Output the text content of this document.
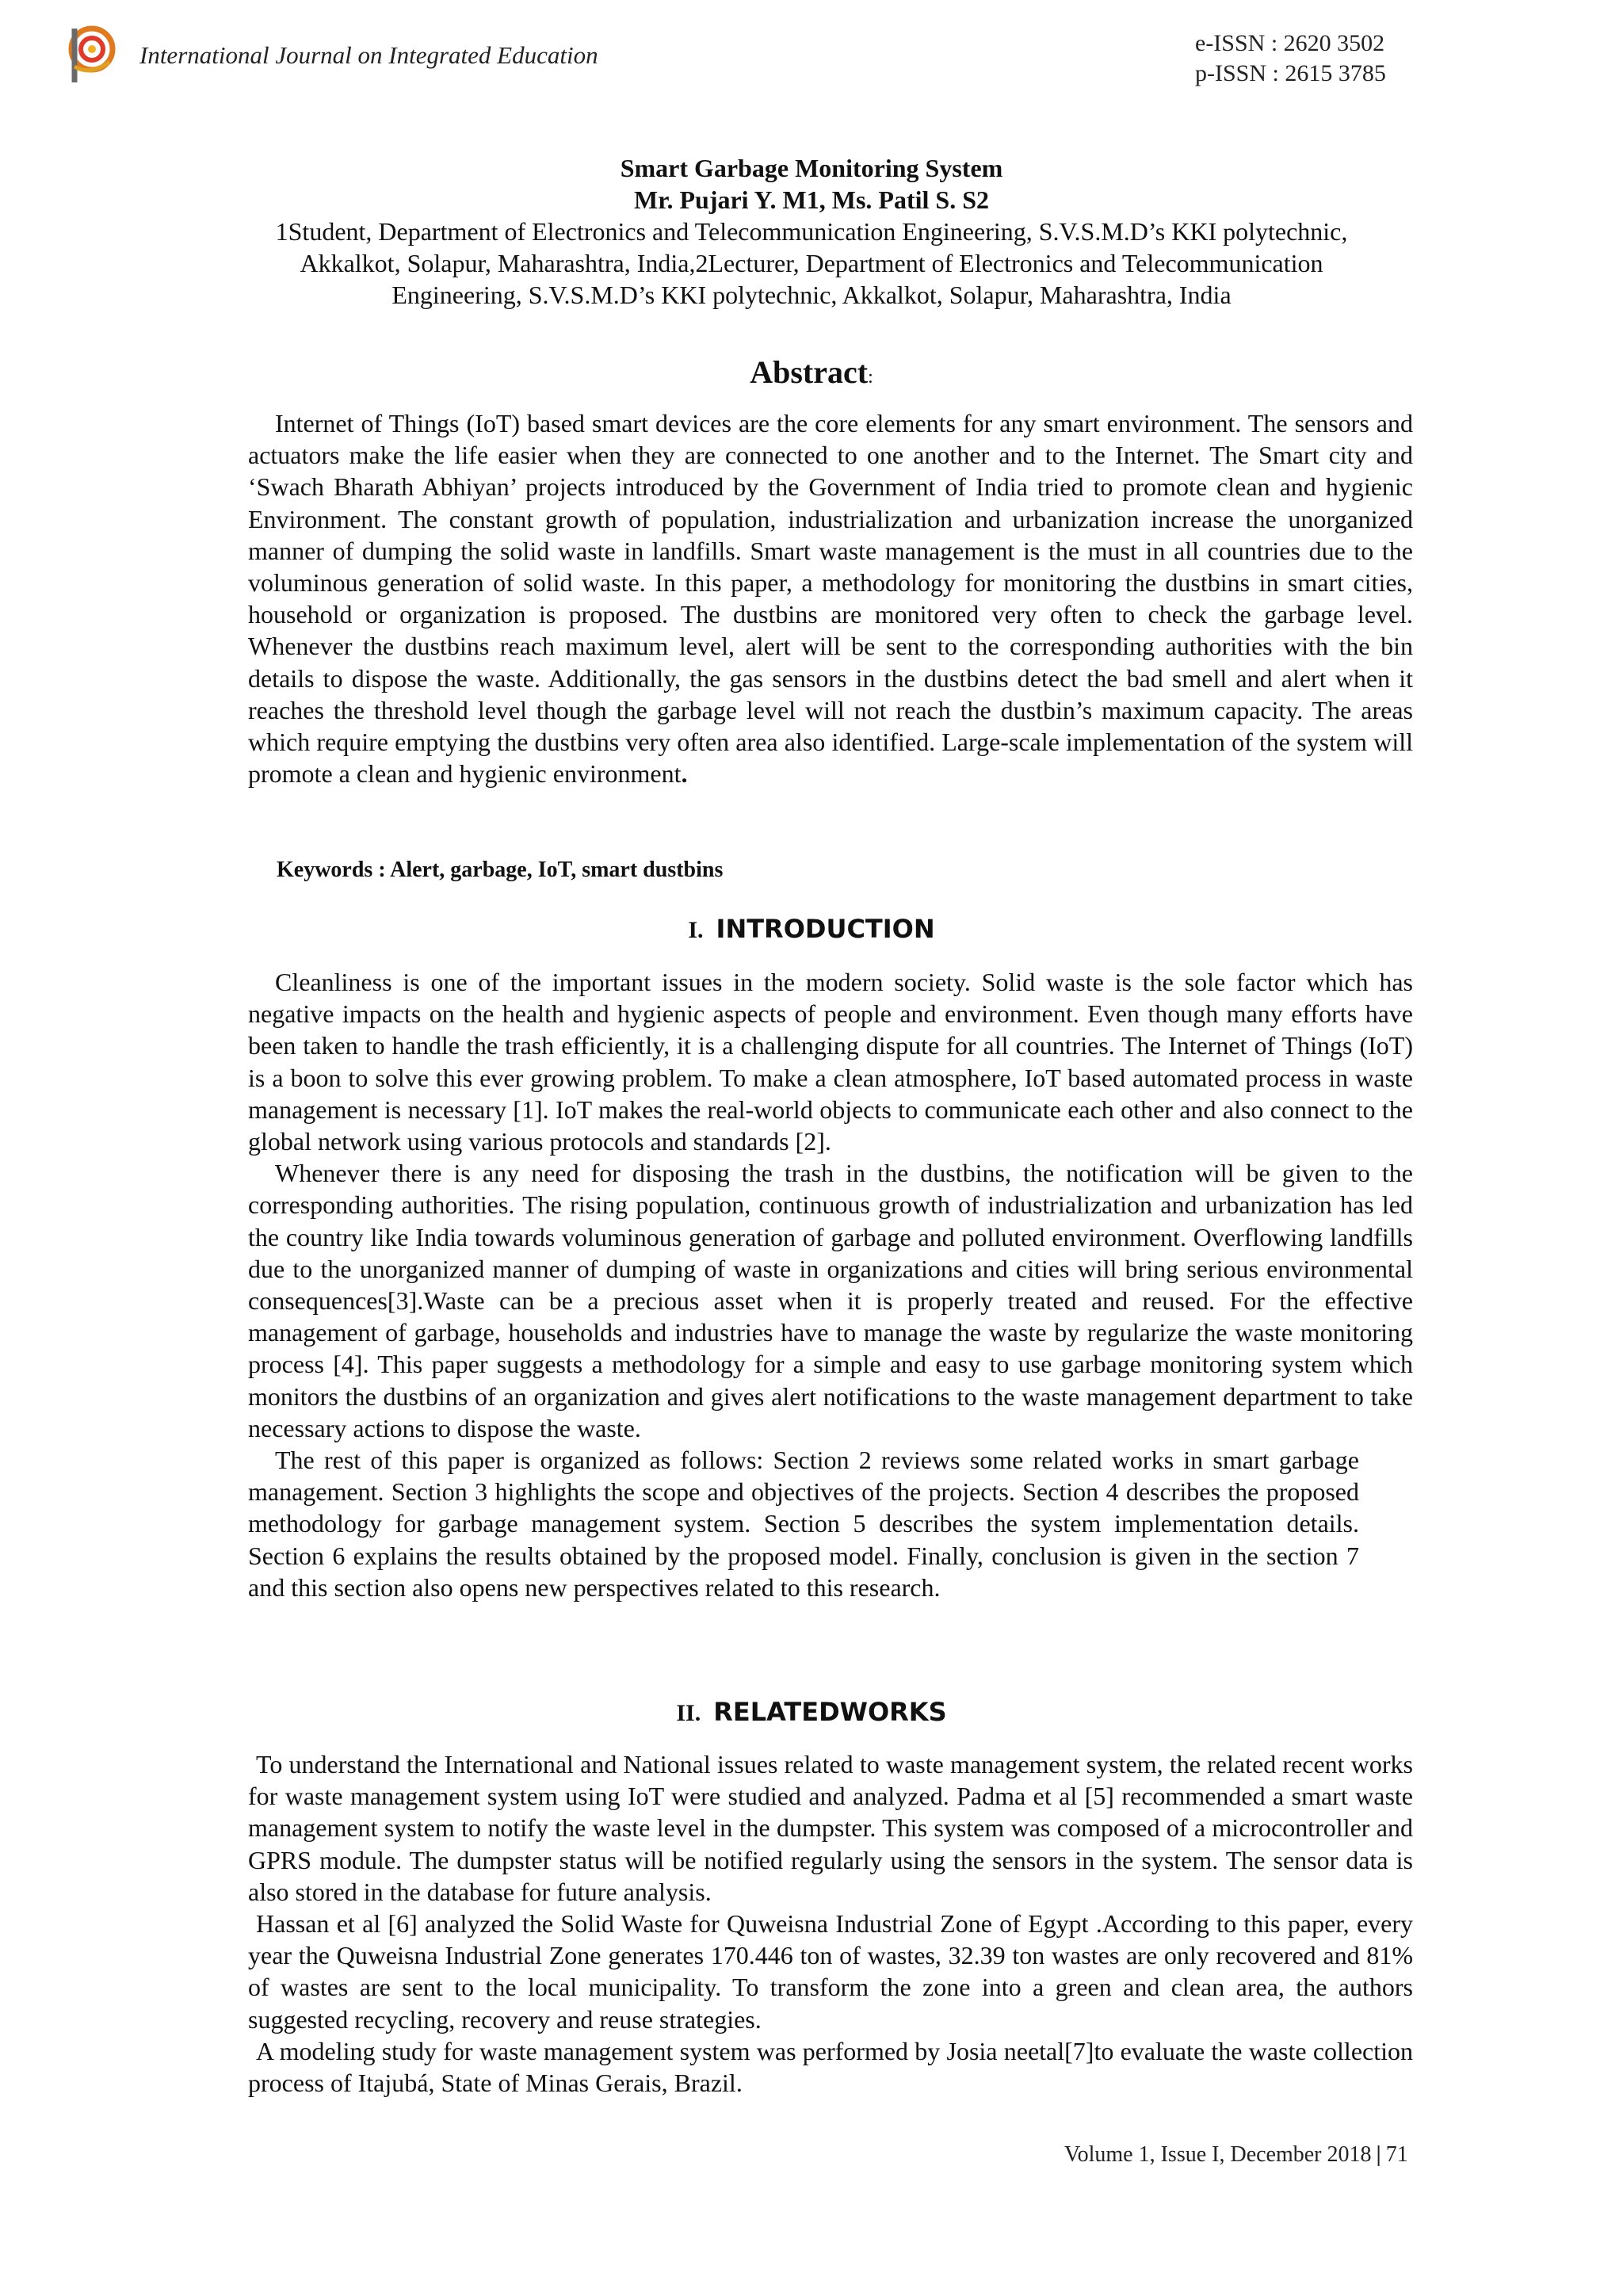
International Journal on Integrated Education	e-ISSN : 2620 3502
p-ISSN : 2615 3785
Smart Garbage Monitoring System
Mr. Pujari Y. M1, Ms. Patil S. S2
1Student, Department of Electronics and Telecommunication Engineering, S.V.S.M.D’s KKI polytechnic,
Akkalkot, Solapur, Maharashtra, India,2Lecturer, Department of Electronics and Telecommunication
Engineering, S.V.S.M.D’s KKI polytechnic, Akkalkot, Solapur, Maharashtra, India
Abstract:

Internet of Things (IoT) based smart devices are the core elements for any smart environment. The sensors and actuators make the life easier when they are connected to one another and to the Internet. The Smart city and ‘Swach Bharath Abhiyan’ projects introduced by the Government of India tried to promote clean and hygienic Environment. The constant growth of population, industrialization and urbanization increase the unorganized manner of dumping the solid waste in landfills. Smart waste management is the must in all countries due to the voluminous generation of solid waste. In this paper, a methodology for monitoring the dustbins in smart cities, household or organization is proposed. The dustbins are monitored very often to check the garbage level. Whenever the dustbins reach maximum level, alert will be sent to the corresponding authorities with the bin details to dispose the waste. Additionally, the gas sensors in the dustbins detect the bad smell and alert when it reaches the threshold level though the garbage level will not reach the dustbin’s maximum capacity. The areas which require emptying the dustbins very often area also identified. Large-scale implementation of the system will promote a clean and hygienic environment.

Keywords : Alert, garbage, IoT, smart dustbins
I. INTRODUCTION

Cleanliness is one of the important issues in the modern society. Solid waste is the sole factor which has negative impacts on the health and hygienic aspects of people and environment. Even though many efforts have been taken to handle the trash efficiently, it is a challenging dispute for all countries. The Internet of Things (IoT) is a boon to solve this ever growing problem. To make a clean atmosphere, IoT based automated process in waste management is necessary [1]. IoT makes the real-world objects to communicate each other and also connect to the global network using various protocols and standards [2].

Whenever there is any need for disposing the trash in the dustbins, the notification will be given to the corresponding authorities. The rising population, continuous growth of industrialization and urbanization has led the country like India towards voluminous generation of garbage and polluted environment. Overflowing landfills due to the unorganized manner of dumping of waste in organizations and cities will bring serious environmental consequences[3].Waste can be a precious asset when it is properly treated and reused. For the effective management of garbage, households and industries have to manage the waste by regularize the waste monitoring process [4]. This paper suggests a methodology for a simple and easy to use garbage monitoring system which monitors the dustbins of an organization and gives alert notifications to the waste management department to take necessary actions to dispose the waste.

The rest of this paper is organized as follows: Section 2 reviews some related works in smart garbage management. Section 3 highlights the scope and objectives of the projects. Section 4 describes the proposed methodology for garbage management system. Section 5 describes the system implementation details. Section 6 explains the results obtained by the proposed model. Finally, conclusion is given in the section 7 and this section also opens new perspectives related to this research.

II. RELATEDWORKS

To understand the International and National issues related to waste management system, the related recent works for waste management system using IoT were studied and analyzed. Padma et al [5] recommended a smart waste management system to notify the waste level in the dumpster. This system was composed of a microcontroller and GPRS module. The dumpster status will be notified regularly using the sensors in the system. The sensor data is also stored in the database for future analysis.

Hassan et al [6] analyzed the Solid Waste for Quweisna Industrial Zone of Egypt .According to this paper, every year the Quweisna Industrial Zone generates 170.446 ton of wastes, 32.39 ton wastes are only recovered and 81% of wastes are sent to the local municipality. To transform the zone into a green and clean area, the authors suggested recycling, recovery and reuse strategies.

A modeling study for waste management system was performed by Josia neetal[7]to evaluate the waste collection process of Itajubá, State of Minas Gerais, Brazil.

Volume 1, Issue I, December 2018 | 71
